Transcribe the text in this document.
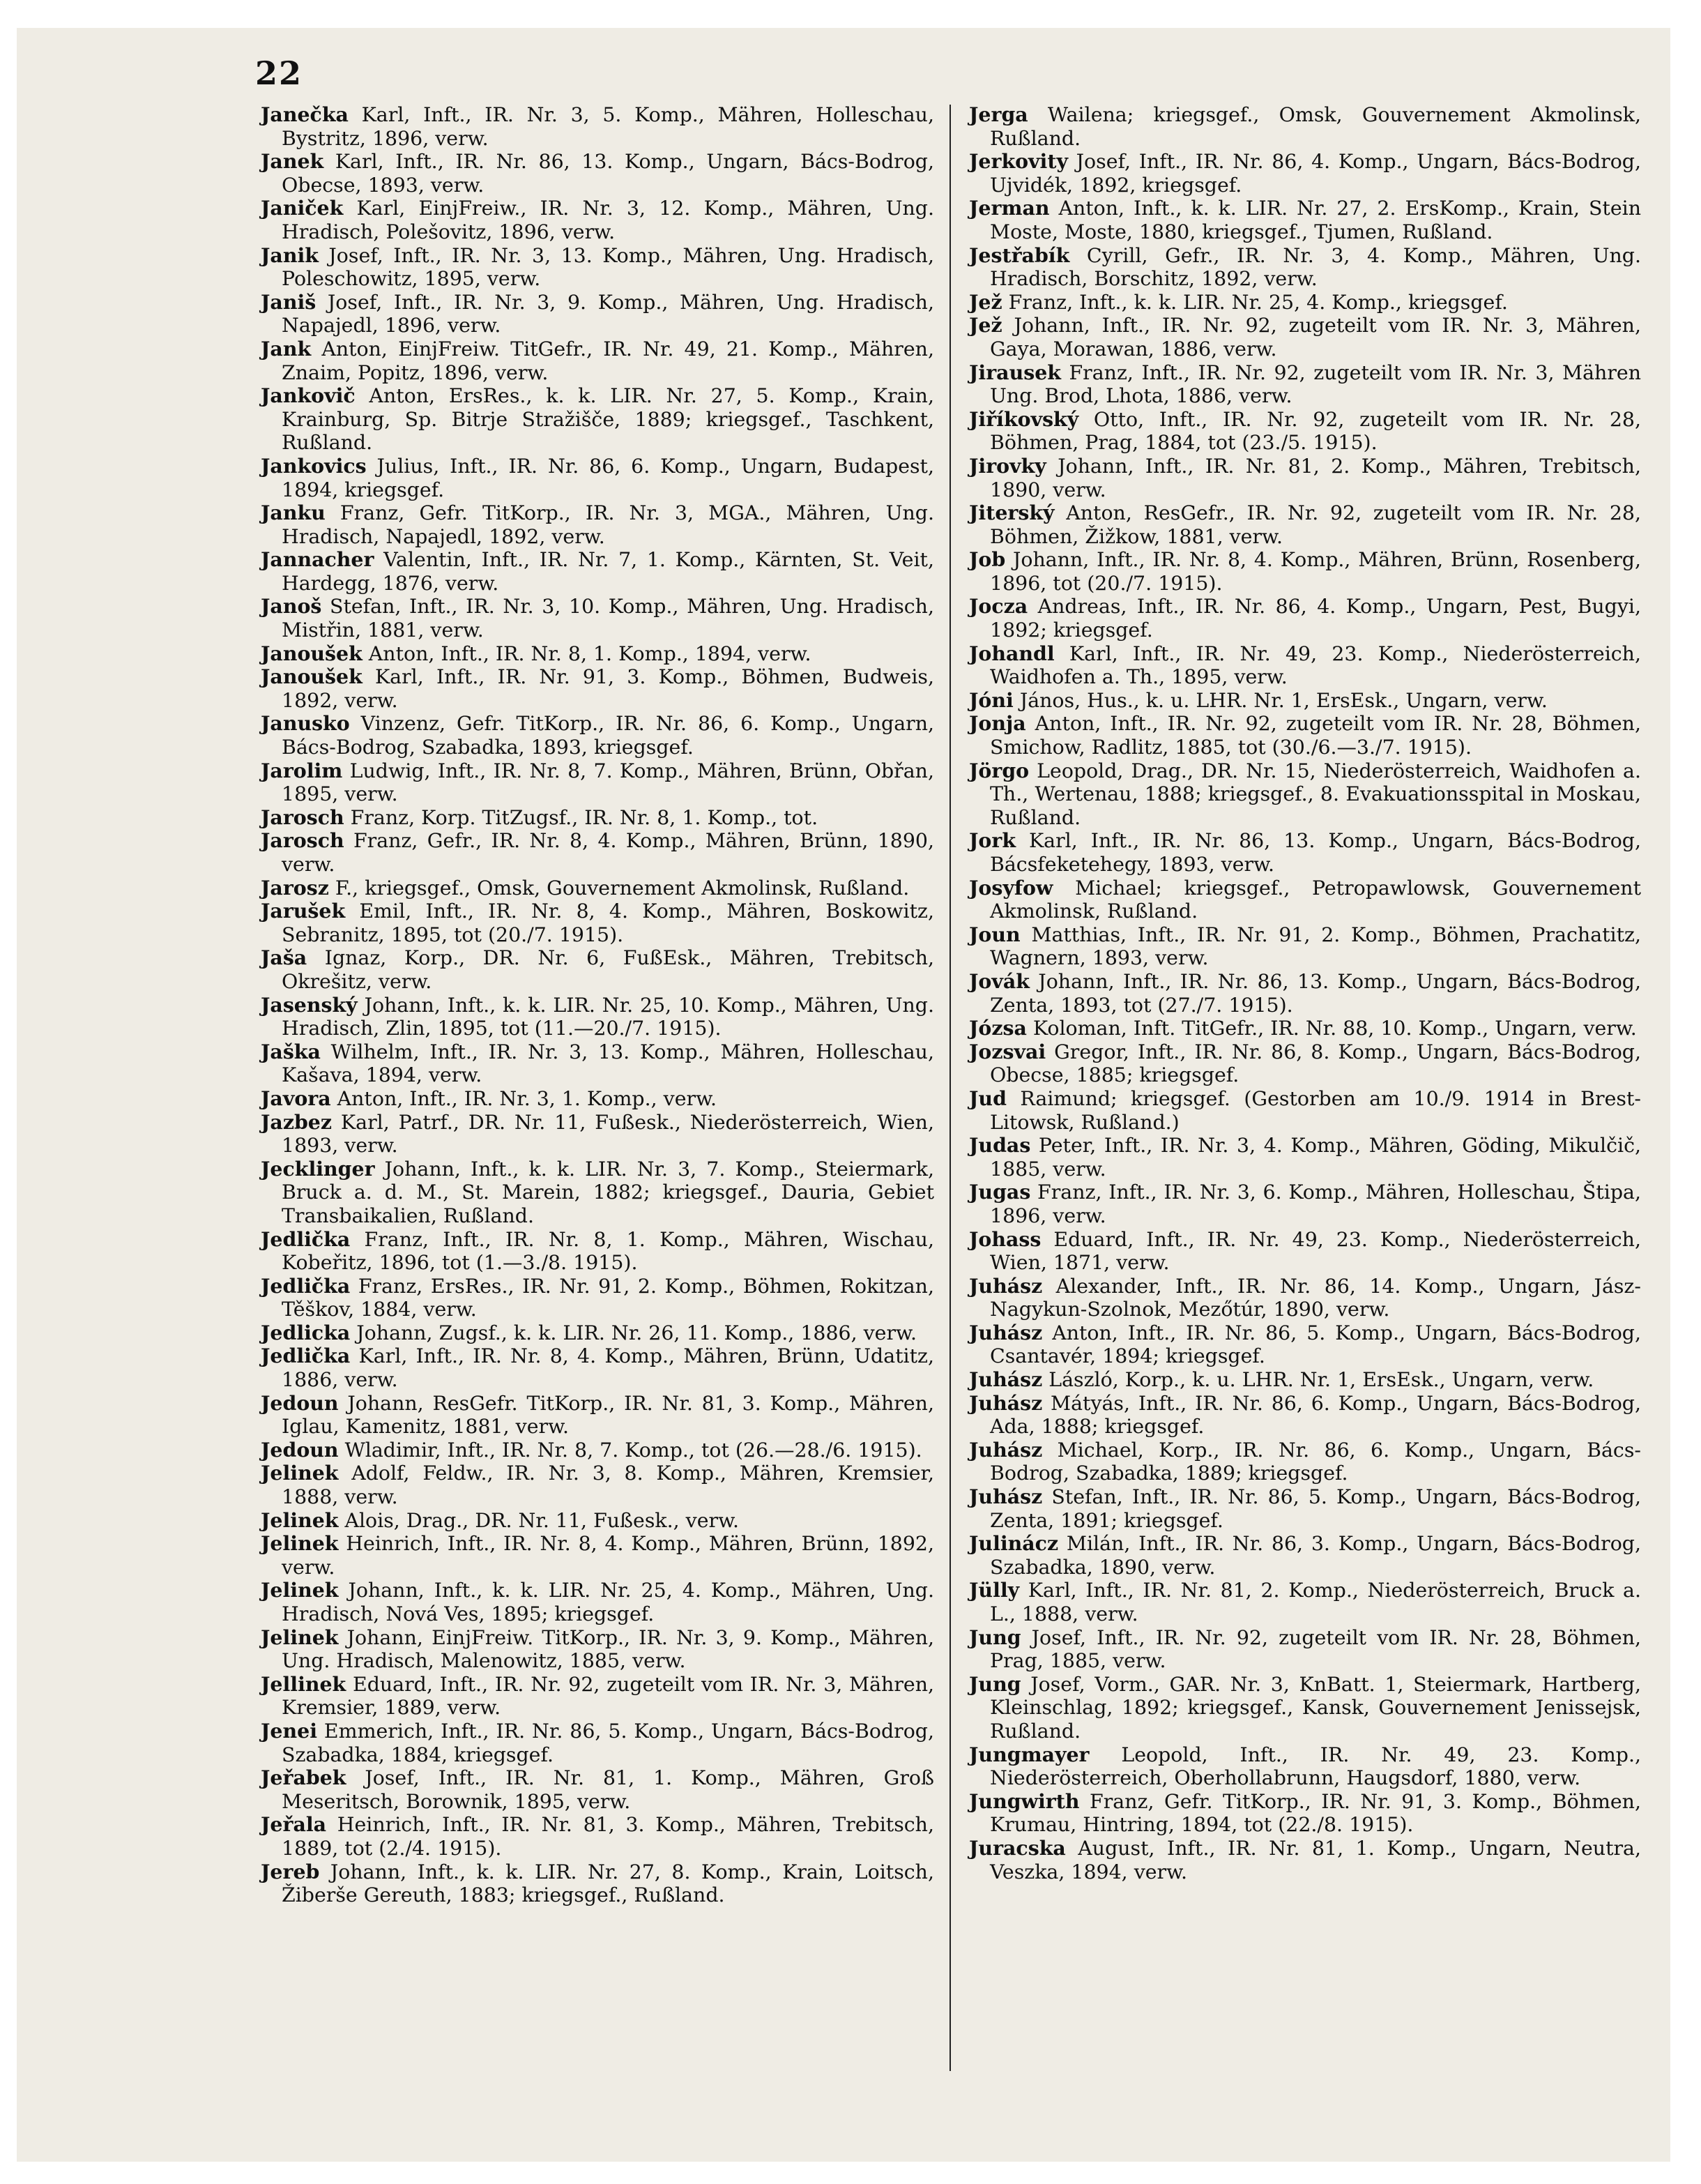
22

Janečka Karl, Inft., IR. Nr. 3, 5. Komp., Mähren, Holleschau, Bystritz, 1896, verw.

Janek Karl, Inft., IR. Nr. 86, 13. Komp., Ungarn, Bács-Bodrog, Obecse, 1893, verw.

Janiček Karl, EinjFreiw., IR. Nr. 3, 12. Komp., Mähren, Ung. Hradisch, Polešovitz, 1896, verw.

Janik Josef, Inft., IR. Nr. 3, 13. Komp., Mähren, Ung. Hradisch, Poleschowitz, 1895, verw.

Janiš Josef, Inft., IR. Nr. 3, 9. Komp., Mähren, Ung. Hradisch, Napajedl, 1896, verw.

Jank Anton, EinjFreiw. TitGefr., IR. Nr. 49, 21. Komp., Mähren, Znaim, Popitz, 1896, verw.

Jankovič Anton, ErsRes., k. k. LIR. Nr. 27, 5. Komp., Krain, Krainburg, Sp. Bitrje Stražišče, 1889; kriegsgef., Taschkent, Rußland.

Jankovics Julius, Inft., IR. Nr. 86, 6. Komp., Ungarn, Budapest, 1894, kriegsgef.

Janku Franz, Gefr. TitKorp., IR. Nr. 3, MGA., Mähren, Ung. Hradisch, Napajedl, 1892, verw.

Jannacher Valentin, Inft., IR. Nr. 7, 1. Komp., Kärnten, St. Veit, Hardegg, 1876, verw.

Janoš Stefan, Inft., IR. Nr. 3, 10. Komp., Mähren, Ung. Hradisch, Mistřin, 1881, verw.

Janoušek Anton, Inft., IR. Nr. 8, 1. Komp., 1894, verw.

Janoušek Karl, Inft., IR. Nr. 91, 3. Komp., Böhmen, Budweis, 1892, verw.

Janusko Vinzenz, Gefr. TitKorp., IR. Nr. 86, 6. Komp., Ungarn, Bács-Bodrog, Szabadka, 1893, kriegsgef.

Jarolim Ludwig, Inft., IR. Nr. 8, 7. Komp., Mähren, Brünn, Obřan, 1895, verw.

Jarosch Franz, Korp. TitZugsf., IR. Nr. 8, 1. Komp., tot.

Jarosch Franz, Gefr., IR. Nr. 8, 4. Komp., Mähren, Brünn, 1890, verw.

Jarosz F., kriegsgef., Omsk, Gouvernement Akmolinsk, Rußland.

Jarušek Emil, Inft., IR. Nr. 8, 4. Komp., Mähren, Boskowitz, Sebranitz, 1895, tot (20./7. 1915).

Jaša Ignaz, Korp., DR. Nr. 6, FußEsk., Mähren, Trebitsch, Okrešitz, verw.

Jasenský Johann, Inft., k. k. LIR. Nr. 25, 10. Komp., Mähren, Ung. Hradisch, Zlin, 1895, tot (11.—20./7. 1915).

Jaška Wilhelm, Inft., IR. Nr. 3, 13. Komp., Mähren, Holleschau, Kašava, 1894, verw.

Javora Anton, Inft., IR. Nr. 3, 1. Komp., verw.

Jazbez Karl, Patrf., DR. Nr. 11, Fußesk., Niederösterreich, Wien, 1893, verw.

Jecklinger Johann, Inft., k. k. LIR. Nr. 3, 7. Komp., Steiermark, Bruck a. d. M., St. Marein, 1882; kriegsgef., Dauria, Gebiet Transbaikalien, Rußland.

Jedlička Franz, Inft., IR. Nr. 8, 1. Komp., Mähren, Wischau, Kobeřitz, 1896, tot (1.—3./8. 1915).

Jedlička Franz, ErsRes., IR. Nr. 91, 2. Komp., Böhmen, Rokitzan, Těškov, 1884, verw.

Jedlicka Johann, Zugsf., k. k. LIR. Nr. 26, 11. Komp., 1886, verw.

Jedlička Karl, Inft., IR. Nr. 8, 4. Komp., Mähren, Brünn, Udatitz, 1886, verw.

Jedoun Johann, ResGefr. TitKorp., IR. Nr. 81, 3. Komp., Mähren, Iglau, Kamenitz, 1881, verw.

Jedoun Wladimir, Inft., IR. Nr. 8, 7. Komp., tot (26.—28./6. 1915).

Jelinek Adolf, Feldw., IR. Nr. 3, 8. Komp., Mähren, Kremsier, 1888, verw.

Jelinek Alois, Drag., DR. Nr. 11, Fußesk., verw.

Jelinek Heinrich, Inft., IR. Nr. 8, 4. Komp., Mähren, Brünn, 1892, verw.

Jelinek Johann, Inft., k. k. LIR. Nr. 25, 4. Komp., Mähren, Ung. Hradisch, Nová Ves, 1895; kriegsgef.

Jelinek Johann, EinjFreiw. TitKorp., IR. Nr. 3, 9. Komp., Mähren, Ung. Hradisch, Malenowitz, 1885, verw.

Jellinek Eduard, Inft., IR. Nr. 92, zugeteilt vom IR. Nr. 3, Mähren, Kremsier, 1889, verw.

Jenei Emmerich, Inft., IR. Nr. 86, 5. Komp., Ungarn, Bács-Bodrog, Szabadka, 1884, kriegsgef.

Jeřabek Josef, Inft., IR. Nr. 81, 1. Komp., Mähren, Groß Meseritsch, Borownik, 1895, verw.

Jeřala Heinrich, Inft., IR. Nr. 81, 3. Komp., Mähren, Trebitsch, 1889, tot (2./4. 1915).

Jereb Johann, Inft., k. k. LIR. Nr. 27, 8. Komp., Krain, Loitsch, Žiberše Gereuth, 1883; kriegsgef., Rußland.

Jerga Wailena; kriegsgef., Omsk, Gouvernement Akmolinsk, Rußland.

Jerkovity Josef, Inft., IR. Nr. 86, 4. Komp., Ungarn, Bács-Bodrog, Ujvidék, 1892, kriegsgef.

Jerman Anton, Inft., k. k. LIR. Nr. 27, 2. ErsKomp., Krain, Stein Moste, Moste, 1880, kriegsgef., Tjumen, Rußland.

Jestřabík Cyrill, Gefr., IR. Nr. 3, 4. Komp., Mähren, Ung. Hradisch, Borschitz, 1892, verw.

Jež Franz, Inft., k. k. LIR. Nr. 25, 4. Komp., kriegsgef.

Jež Johann, Inft., IR. Nr. 92, zugeteilt vom IR. Nr. 3, Mähren, Gaya, Morawan, 1886, verw.

Jirausek Franz, Inft., IR. Nr. 92, zugeteilt vom IR. Nr. 3, Mähren Ung. Brod, Lhota, 1886, verw.

Jiříkovský Otto, Inft., IR. Nr. 92, zugeteilt vom IR. Nr. 28, Böhmen, Prag, 1884, tot (23./5. 1915).

Jirovky Johann, Inft., IR. Nr. 81, 2. Komp., Mähren, Trebitsch, 1890, verw.

Jiterský Anton, ResGefr., IR. Nr. 92, zugeteilt vom IR. Nr. 28, Böhmen, Žižkow, 1881, verw.

Job Johann, Inft., IR. Nr. 8, 4. Komp., Mähren, Brünn, Rosenberg, 1896, tot (20./7. 1915).

Jocza Andreas, Inft., IR. Nr. 86, 4. Komp., Ungarn, Pest, Bugyi, 1892; kriegsgef.

Johandl Karl, Inft., IR. Nr. 49, 23. Komp., Niederösterreich, Waidhofen a. Th., 1895, verw.

Jóni János, Hus., k. u. LHR. Nr. 1, ErsEsk., Ungarn, verw.

Jonja Anton, Inft., IR. Nr. 92, zugeteilt vom IR. Nr. 28, Böhmen, Smichow, Radlitz, 1885, tot (30./6.—3./7. 1915).

Jörgo Leopold, Drag., DR. Nr. 15, Niederösterreich, Waidhofen a. Th., Wertenau, 1888; kriegsgef., 8. Evakuationsspital in Moskau, Rußland.

Jork Karl, Inft., IR. Nr. 86, 13. Komp., Ungarn, Bács-Bodrog, Bácsfeketehegy, 1893, verw.

Josyfow Michael; kriegsgef., Petropawlowsk, Gouvernement Akmolinsk, Rußland.

Joun Matthias, Inft., IR. Nr. 91, 2. Komp., Böhmen, Prachatitz, Wagnern, 1893, verw.

Jovák Johann, Inft., IR. Nr. 86, 13. Komp., Ungarn, Bács-Bodrog, Zenta, 1893, tot (27./7. 1915).

Józsa Koloman, Inft. TitGefr., IR. Nr. 88, 10. Komp., Ungarn, verw.

Jozsvai Gregor, Inft., IR. Nr. 86, 8. Komp., Ungarn, Bács-Bodrog, Obecse, 1885; kriegsgef.

Jud Raimund; kriegsgef. (Gestorben am 10./9. 1914 in Brest-Litowsk, Rußland.)

Judas Peter, Inft., IR. Nr. 3, 4. Komp., Mähren, Göding, Mikulčič, 1885, verw.

Jugas Franz, Inft., IR. Nr. 3, 6. Komp., Mähren, Holleschau, Štipa, 1896, verw.

Johass Eduard, Inft., IR. Nr. 49, 23. Komp., Niederösterreich, Wien, 1871, verw.

Juhász Alexander, Inft., IR. Nr. 86, 14. Komp., Ungarn, Jász-Nagykun-Szolnok, Mezőtúr, 1890, verw.

Juhász Anton, Inft., IR. Nr. 86, 5. Komp., Ungarn, Bács-Bodrog, Csantavér, 1894; kriegsgef.

Juhász László, Korp., k. u. LHR. Nr. 1, ErsEsk., Ungarn, verw.

Juhász Mátyás, Inft., IR. Nr. 86, 6. Komp., Ungarn, Bács-Bodrog, Ada, 1888; kriegsgef.

Juhász Michael, Korp., IR. Nr. 86, 6. Komp., Ungarn, Bács-Bodrog, Szabadka, 1889; kriegsgef.

Juhász Stefan, Inft., IR. Nr. 86, 5. Komp., Ungarn, Bács-Bodrog, Zenta, 1891; kriegsgef.

Julinácz Milán, Inft., IR. Nr. 86, 3. Komp., Ungarn, Bács-Bodrog, Szabadka, 1890, verw.

Jülly Karl, Inft., IR. Nr. 81, 2. Komp., Niederösterreich, Bruck a. L., 1888, verw.

Jung Josef, Inft., IR. Nr. 92, zugeteilt vom IR. Nr. 28, Böhmen, Prag, 1885, verw.

Jung Josef, Vorm., GAR. Nr. 3, KnBatt. 1, Steiermark, Hartberg, Kleinschlag, 1892; kriegsgef., Kansk, Gouvernement Jenissejsk, Rußland.

Jungmayer Leopold, Inft., IR. Nr. 49, 23. Komp., Niederösterreich, Oberhollabrunn, Haugsdorf, 1880, verw.

Jungwirth Franz, Gefr. TitKorp., IR. Nr. 91, 3. Komp., Böhmen, Krumau, Hintring, 1894, tot (22./8. 1915).

Juracska August, Inft., IR. Nr. 81, 1. Komp., Ungarn, Neutra, Veszka, 1894, verw.
